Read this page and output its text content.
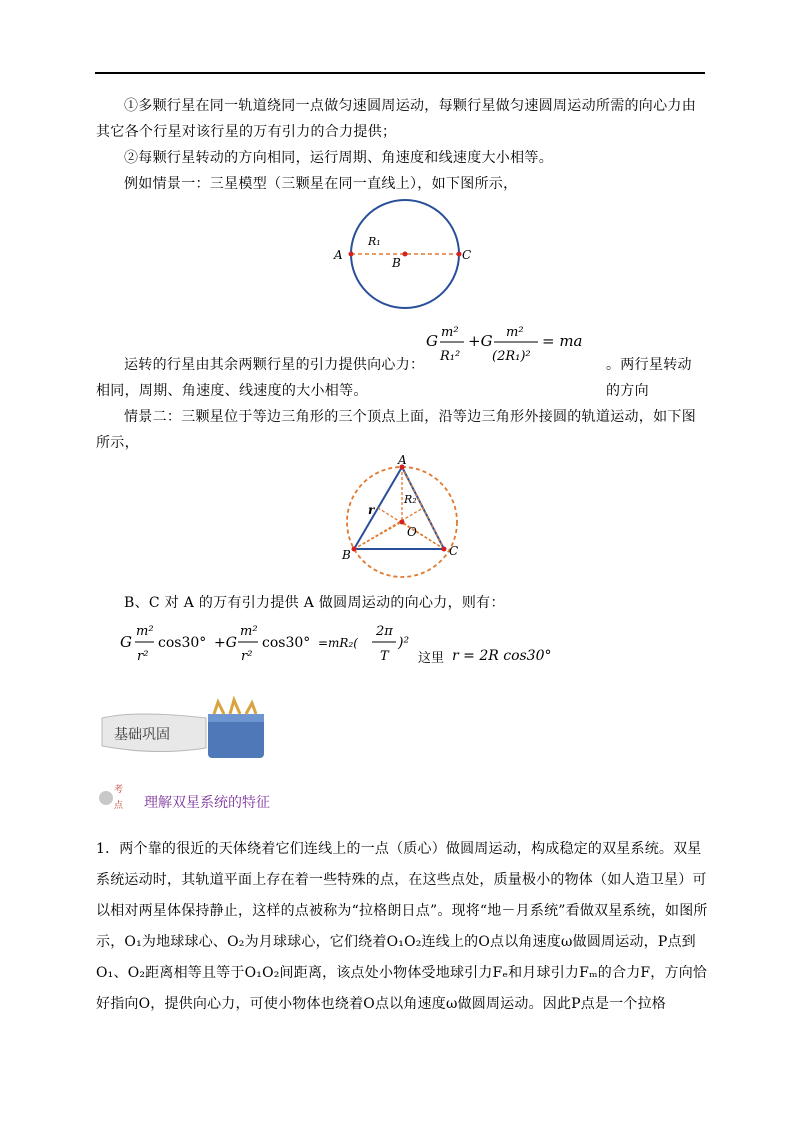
①多颗行星在同一轨道绕同一点做匀速圆周运动，每颗行星做匀速圆周运动所需的向心力由其它各个行星对该行星的万有引力的合力提供；
②每颗行星转动的方向相同，运行周期、角速度和线速度大小相等。
例如情景一：三星模型（三颗星在同一直线上），如下图所示，
A
B
C
R₁
G m²
R₁²
+G m²
(2R₁)²
= ma
运转的行星由其余两颗行星的引力提供向心力：	。两行星转动的方向
相同，周期、角速度、线速度的大小相等。
情景二：三颗星位于等边三角形的三个顶点上面，沿等边三角形外接圆的轨道运动，如下图所示，
A
B	C
O
r
R₂
B、C 对 A 的万有引力提供 A 做圆周运动的向心力，则有：
G
m²
r²
cos30° +G
m²
r²
cos30° =mR₂(
2π
T
)²
这里 r = 2R cos30°
基础巩固
考
点 理解双星系统的特征
1．两个靠的很近的天体绕着它们连线上的一点（质心）做圆周运动，构成稳定的双星系统。双星系统运动时，其轨道平面上存在着一些特殊的点，在这些点处，质量极小的物体（如人造卫星）可以相对两星体保持静止，这样的点被称为“拉格朗日点”。现将“地－月系统”看做双星系统，如图所示，O₁为地球球心、O₂为月球球心，它们绕着O₁O₂连线上的O点以角速度ω做圆周运动，P点到O₁、O₂距离相等且等于O₁O₂间距离，该点处小物体受地球引力Fₑ和月球引力Fₘ的合力F，方向恰好指向O，提供向心力，可使小物体也绕着O点以角速度ω做圆周运动。因此P点是一个拉格
